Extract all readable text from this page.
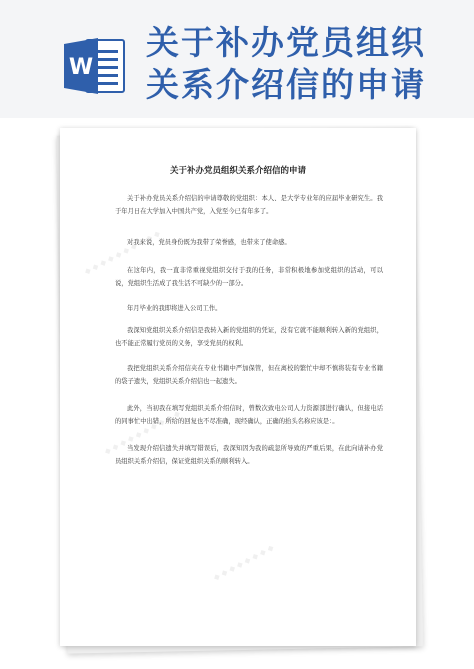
W
关于补办党员组织
关系介绍信的申请
◆ ◆ ◆ ◆ ◆ ◆ ◆ ◆ ◆ ◆
◆ ◆ ◆ ◆ ◆ ◆ ◆ ◆ ◆ ◆
◆ ◆ ◆ ◆ ◆ ◆ ◆ ◆
关于补办党员组织关系介绍信的申请

关于补办党员关系介绍信的申请尊敬的党组织：本人、是大学专业年的应届毕业研究生。我于年月日在大学加入中国共产党，入党至今已有年多了。

对我来说，党员身份既为我带了荣誉感，也带来了使命感。

在这年内，我一直非常重视党组织交付于我的任务，非常积极地参加党组织的活动，可以说，党组织生活成了我生活不可缺少的一部分。

年月毕业的我即将进入公司工作。

我深知党组织关系介绍信是我转入新的党组织的凭证，没有它就不能顺利转入新的党组织，也不能正常履行党员的义务，享受党员的权利。

我把党组织关系介绍信夹在专业书籍中严加保管，但在离校的繁忙中却不慎将装有专业书籍的袋子遗失，党组织关系介绍信也一起遗失。

此外，当初我在填写党组织关系介绍信时，曾数次致电公司人力资源部进行确认，但接电话的同事忙中出错，所给的回复也不尽准确，现经确认，正确的抬头名称应该是：。

当发现介绍信遗失并填写错误后，我深知因为我的疏忽所导致的严重后果，在此向请补办党员组织关系介绍信，保证党组织关系的顺利转入。
